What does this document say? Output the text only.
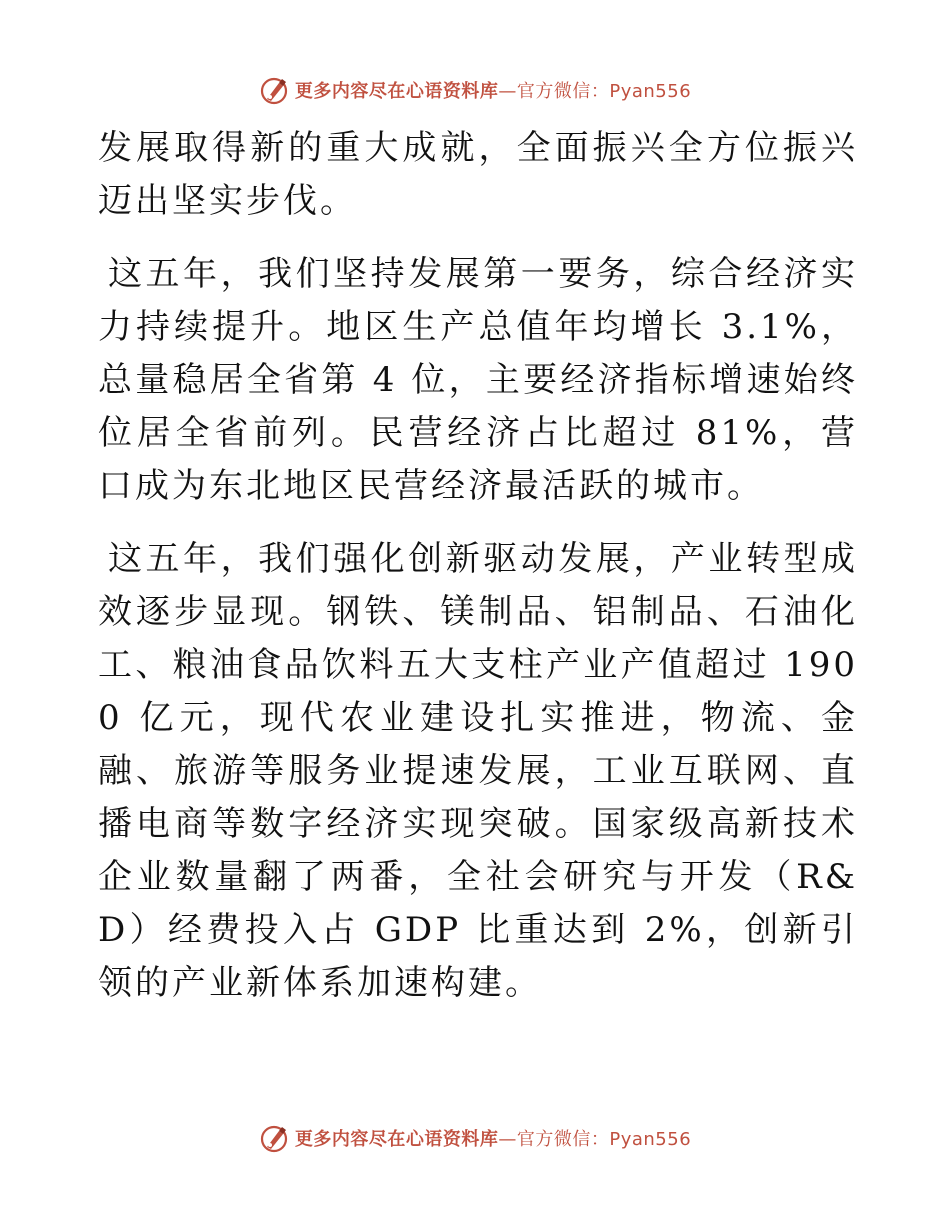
更多内容尽在心语资料库—官方微信：Pyan556

发展取得新的重大成就，全面振兴全方位振兴迈出坚实步伐。

这五年，我们坚持发展第一要务，综合经济实力持续提升。地区生产总值年均增长 3.1%，总量稳居全省第 4 位，主要经济指标增速始终位居全省前列。民营经济占比超过 81%，营口成为东北地区民营经济最活跃的城市。

这五年，我们强化创新驱动发展，产业转型成效逐步显现。钢铁、镁制品、铝制品、石油化工、粮油食品饮料五大支柱产业产值超过 1900 亿元，现代农业建设扎实推进，物流、金融、旅游等服务业提速发展，工业互联网、直播电商等数字经济实现突破。国家级高新技术企业数量翻了两番，全社会研究与开发（R&D）经费投入占 GDP 比重达到 2%，创新引领的产业新体系加速构建。

更多内容尽在心语资料库—官方微信：Pyan556
